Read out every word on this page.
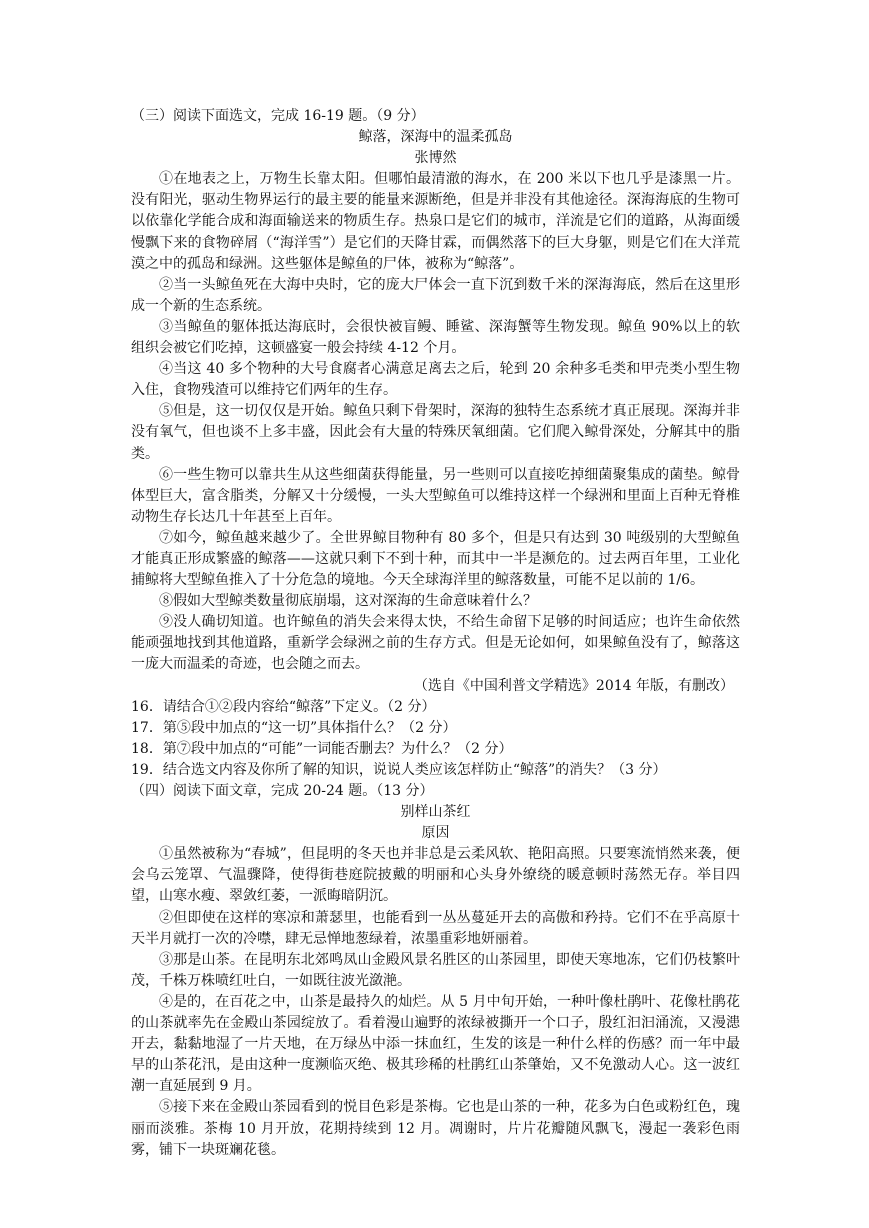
（三）阅读下面选文，完成 16-19 题。（9 分）
鲸落，深海中的温柔孤岛
张博然

①在地表之上，万物生长靠太阳。但哪怕最清澈的海水，在 200 米以下也几乎是漆黑一片。没有阳光，驱动生物界运行的最主要的能量来源断绝，但是并非没有其他途径。深海海底的生物可以依靠化学能合成和海面输送来的物质生存。热泉口是它们的城市，洋流是它们的道路，从海面缓慢飘下来的食物碎屑（“海洋雪”）是它们的天降甘霖，而偶然落下的巨大身躯，则是它们在大洋荒漠之中的孤岛和绿洲。这些躯体是鲸鱼的尸体，被称为“鲸落”。

②当一头鲸鱼死在大海中央时，它的庞大尸体会一直下沉到数千米的深海海底，然后在这里形成一个新的生态系统。

③当鲸鱼的躯体抵达海底时，会很快被盲鳗、睡鲨、深海蟹等生物发现。鲸鱼 90%以上的软组织会被它们吃掉，这顿盛宴一般会持续 4-12 个月。

④当这 40 多个物种的大号食腐者心满意足离去之后，轮到 20 余种多毛类和甲壳类小型生物入住，食物残渣可以维持它们两年的生存。

⑤但是，这一切仅仅是开始。鲸鱼只剩下骨架时，深海的独特生态系统才真正展现。深海并非没有氧气，但也谈不上多丰盛，因此会有大量的特殊厌氧细菌。它们爬入鲸骨深处，分解其中的脂类。

⑥一些生物可以靠共生从这些细菌获得能量，另一些则可以直接吃掉细菌聚集成的菌垫。鲸骨体型巨大，富含脂类，分解又十分缓慢，一头大型鲸鱼可以维持这样一个绿洲和里面上百种无脊椎动物生存长达几十年甚至上百年。

⑦如今，鲸鱼越来越少了。全世界鲸目物种有 80 多个，但是只有达到 30 吨级别的大型鲸鱼才能真正形成繁盛的鲸落——这就只剩下不到十种，而其中一半是濒危的。过去两百年里，工业化捕鲸将大型鲸鱼推入了十分危急的境地。今天全球海洋里的鲸落数量，可能不足以前的 1/6。

⑧假如大型鲸类数量彻底崩塌，这对深海的生命意味着什么？

⑨没人确切知道。也许鲸鱼的消失会来得太快，不给生命留下足够的时间适应；也许生命依然能顽强地找到其他道路，重新学会绿洲之前的生存方式。但是无论如何，如果鲸鱼没有了，鲸落这一庞大而温柔的奇迹，也会随之而去。

（选自《中国利普文学精选》2014 年版，有删改）
16．请结合①②段内容给“鲸落”下定义。（2 分）
17．第⑤段中加点的“这一切”具体指什么？（2 分）
18．第⑦段中加点的“可能”一词能否删去？为什么？（2 分）
19．结合选文内容及你所了解的知识，说说人类应该怎样防止“鲸落”的消失？（3 分）
（四）阅读下面文章，完成 20-24 题。（13 分）
别样山茶红
原因

①虽然被称为“春城”，但昆明的冬天也并非总是云柔风软、艳阳高照。只要寒流悄然来袭，便会乌云笼罩、气温骤降，使得街巷庭院披戴的明丽和心头身外缭绕的暖意顿时荡然无存。举目四望，山寒水瘦、翠敛红萎，一派晦暗阴沉。

②但即使在这样的寒凉和萧瑟里，也能看到一丛丛蔓延开去的高傲和矜持。它们不在乎高原十天半月就打一次的冷噤，肆无忌惮地葱绿着，浓墨重彩地妍丽着。

③那是山茶。在昆明东北郊鸣凤山金殿风景名胜区的山茶园里，即使天寒地冻，它们仍枝繁叶茂，千株万株喷红吐白，一如既往波光潋滟。

④是的，在百花之中，山茶是最持久的灿烂。从 5 月中旬开始，一种叶像杜鹃叶、花像杜鹃花的山茶就率先在金殿山茶园绽放了。看着漫山遍野的浓绿被撕开一个口子，殷红汩汩涌流，又漫漶开去，黏黏地湿了一片天地，在万绿丛中添一抹血红，生发的该是一种什么样的伤感？而一年中最早的山茶花汛，是由这种一度濒临灭绝、极其珍稀的杜鹃红山茶肇始，又不免激动人心。这一波红潮一直延展到 9 月。

⑤接下来在金殿山茶园看到的悦目色彩是茶梅。它也是山茶的一种，花多为白色或粉红色，瑰丽而淡雅。茶梅 10 月开放，花期持续到 12 月。凋谢时，片片花瓣随风飘飞，漫起一袭彩色雨雾，铺下一块斑斓花毯。
